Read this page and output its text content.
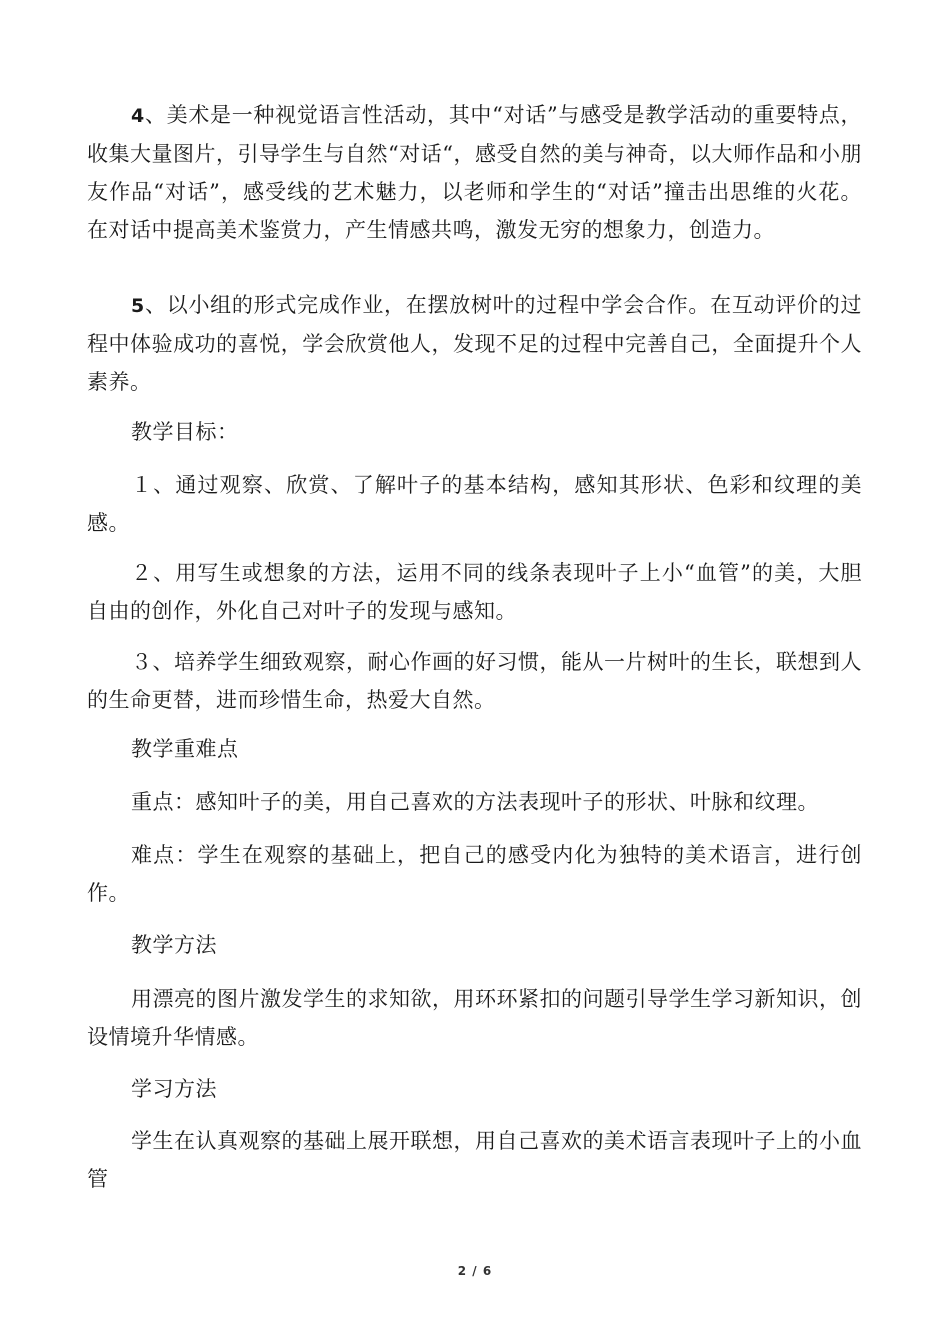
4、美术是一种视觉语言性活动，其中“对话”与感受是教学活动的重要特点，收集大量图片，引导学生与自然“对话“，感受自然的美与神奇，以大师作品和小朋友作品“对话”，感受线的艺术魅力，以老师和学生的“对话”撞击出思维的火花。在对话中提高美术鉴赏力，产生情感共鸣，激发无穷的想象力，创造力。

5、以小组的形式完成作业，在摆放树叶的过程中学会合作。在互动评价的过程中体验成功的喜悦，学会欣赏他人，发现不足的过程中完善自己，全面提升个人素养。

教学目标：

１、通过观察、欣赏、了解叶子的基本结构，感知其形状、色彩和纹理的美感。

２、用写生或想象的方法，运用不同的线条表现叶子上小“血管”的美，大胆自由的创作，外化自己对叶子的发现与感知。

３、培养学生细致观察，耐心作画的好习惯，能从一片树叶的生长，联想到人的生命更替，进而珍惜生命，热爱大自然。

教学重难点

重点：感知叶子的美，用自己喜欢的方法表现叶子的形状、叶脉和纹理。

难点：学生在观察的基础上，把自己的感受内化为独特的美术语言，进行创作。

教学方法

用漂亮的图片激发学生的求知欲，用环环紧扣的问题引导学生学习新知识，创设情境升华情感。

学习方法

学生在认真观察的基础上展开联想，用自己喜欢的美术语言表现叶子上的小血管

2 / 6
